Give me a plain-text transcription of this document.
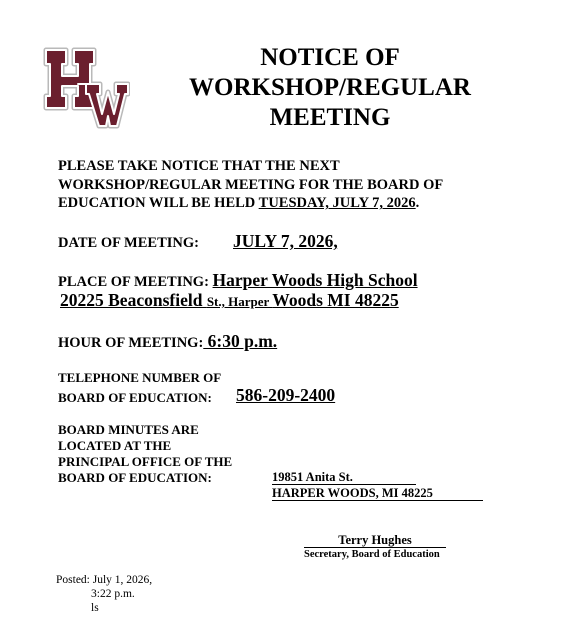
NOTICE OF
WORKSHOP/REGULAR
MEETING
PLEASE TAKE NOTICE THAT THE NEXT
WORKSHOP/REGULAR MEETING FOR THE BOARD OF
EDUCATION WILL BE HELD TUESDAY, JULY 7, 2026.
DATE OF MEETING: JULY 7, 2026,
PLACE OF MEETING: Harper Woods High School
20225 Beaconsfield St., Harper Woods MI 48225
HOUR OF MEETING: 6:30 p.m.
TELEPHONE NUMBER OF
BOARD OF EDUCATION: 586-209-2400
BOARD MINUTES ARE
LOCATED AT THE
PRINCIPAL OFFICE OF THE
BOARD OF EDUCATION:	19851 Anita St.
HARPER WOODS, MI 48225
Terry Hughes
Secretary, Board of Education
Posted: July 1, 2026,
3:22 p.m.
ls
